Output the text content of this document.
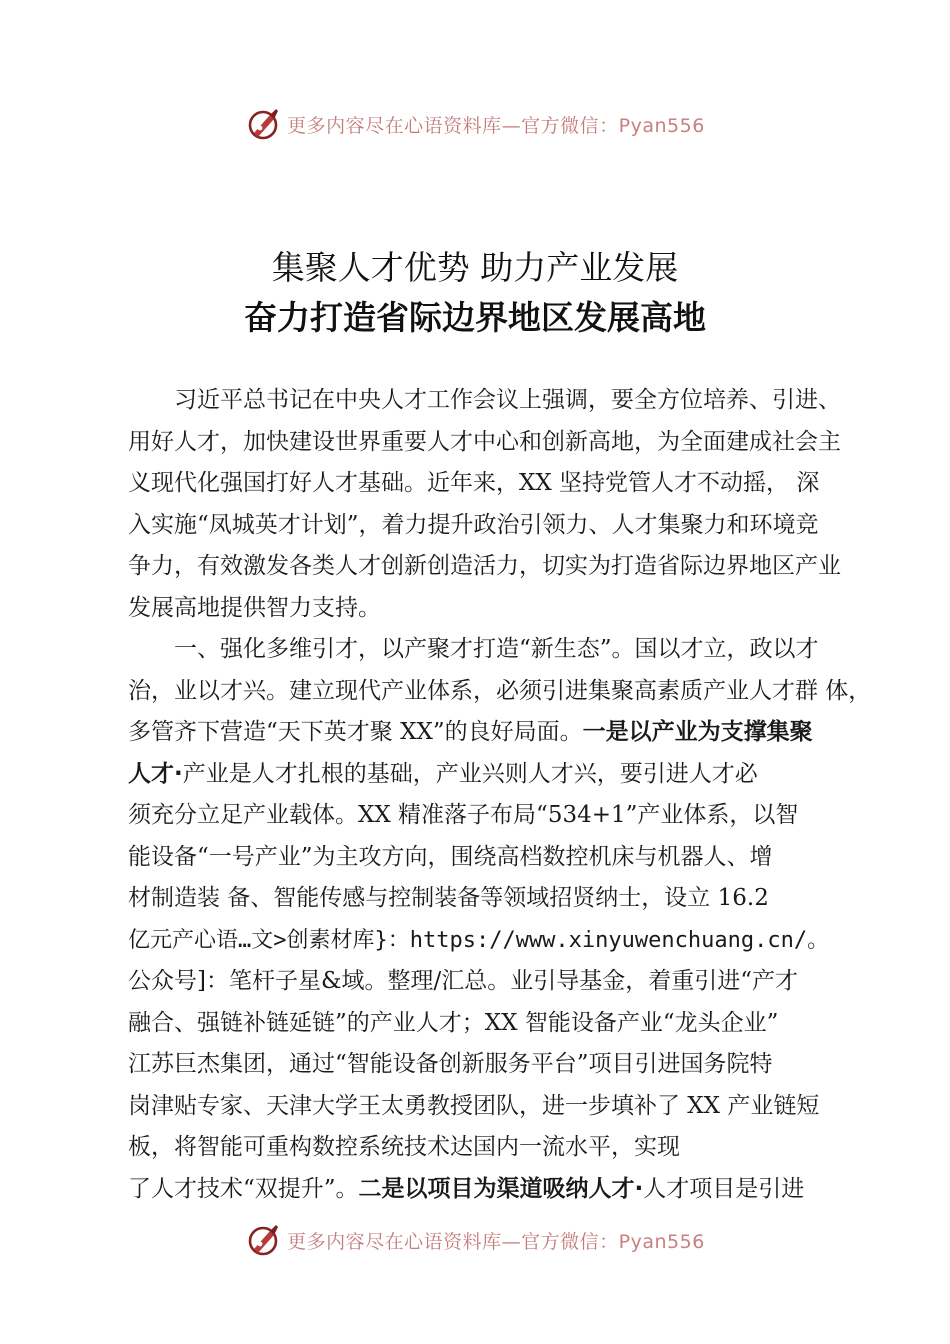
更多内容尽在心语资料库—官方微信：Pyan556
集聚人才优势 助力产业发展
奋力打造省际边界地区发展高地
习近平总书记在中央人才工作会议上强调，要全方位培养、引进、
用好人才，加快建设世界重要人才中心和创新高地，为全面建成社会主
义现代化强国打好人才基础。近年来，XX 坚持党管人才不动摇， 深
入实施“凤城英才计划”，着力提升政治引领力、人才集聚力和环境竞
争力，有效激发各类人才创新创造活力，切实为打造省际边界地区产业
发展高地提供智力支持。
一、强化多维引才，以产聚才打造“新生态”。国以才立，政以才
治，业以才兴。建立现代产业体系，必须引进集聚高素质产业人才群 体，
多管齐下营造“天下英才聚 XX”的良好局面。一是以产业为支撑集聚
人才·产业是人才扎根的基础，产业兴则人才兴，要引进人才必
须充分立足产业载体。XX 精准落子布局“534+1”产业体系，以智
能设备“一号产业”为主攻方向，围绕高档数控机床与机器人、增
材制造装 备、智能传感与控制装备等领域招贤纳士，设立 16.2
亿元产心语…文>创素材库}：https://www.xinyuwenchuang.cn/。
公众号]：笔杆子星&域。整理/汇总。业引导基金，着重引进“产才
融合、强链补链延链”的产业人才；XX 智能设备产业“龙头企业”
江苏巨杰集团，通过“智能设备创新服务平台”项目引进国务院特
岗津贴专家、天津大学王太勇教授团队，进一步填补了 XX 产业链短
板，将智能可重构数控系统技术达国内一流水平，实现
了人才技术“双提升”。二是以项目为渠道吸纳人才·人才项目是引进
更多内容尽在心语资料库—官方微信：Pyan556
